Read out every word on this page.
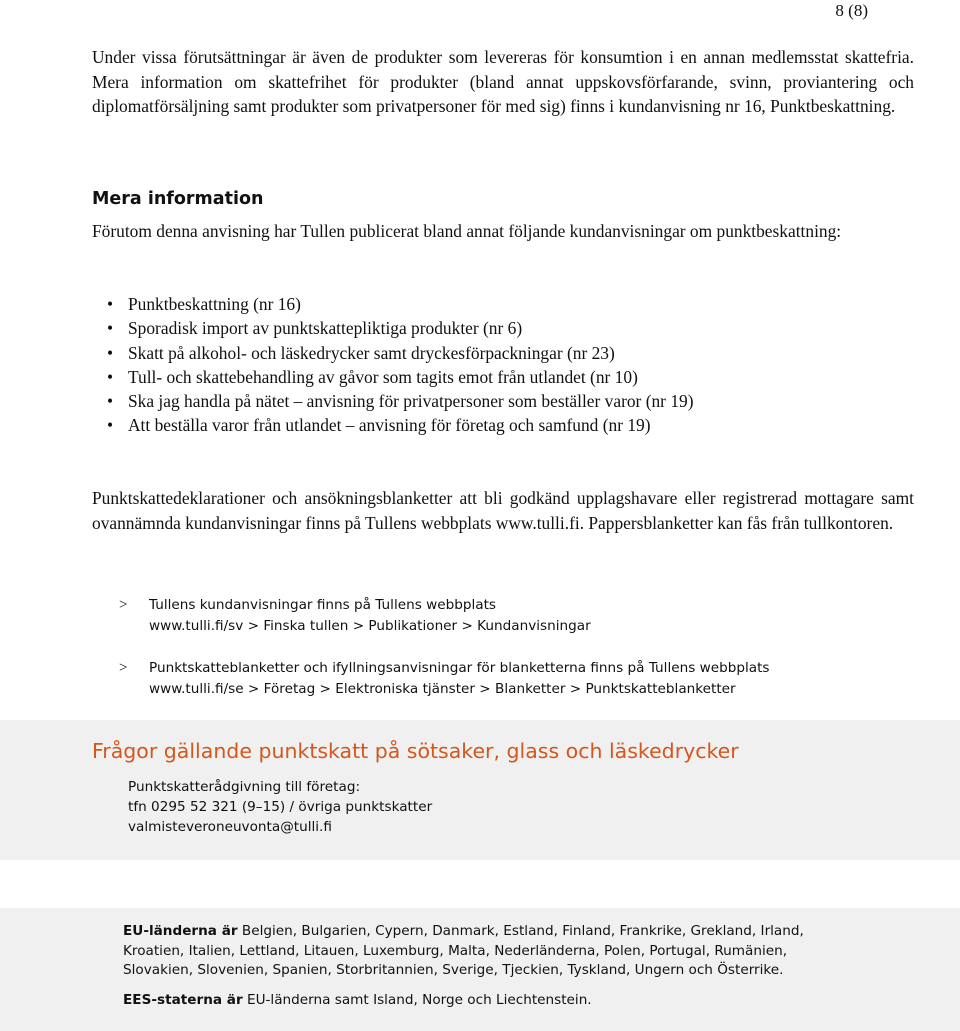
8 (8)
Under vissa förutsättningar är även de produkter som levereras för konsumtion i en annan medlemsstat skattefria. Mera information om skattefrihet för produkter (bland annat uppskovsförfarande, svinn, proviantering och diplomatförsäljning samt produkter som privatpersoner för med sig) finns i kundanvisning nr 16, Punktbeskattning.
Mera information
Förutom denna anvisning har Tullen publicerat bland annat följande kundanvisningar om punktbeskattning:
• Punktbeskattning (nr 16)
• Sporadisk import av punktskattepliktiga produkter (nr 6)
• Skatt på alkohol- och läskedrycker samt dryckesförpackningar (nr 23)
• Tull- och skattebehandling av gåvor som tagits emot från utlandet (nr 10)
• Ska jag handla på nätet – anvisning för privatpersoner som beställer varor (nr 19)
• Att beställa varor från utlandet – anvisning för företag och samfund (nr 19)
Punktskattedeklarationer och ansökningsblanketter att bli godkänd upplagshavare eller registrerad mottagare samt ovannämnda kundanvisningar finns på Tullens webbplats www.tulli.fi. Pappersblanketter kan fås från tullkontoren.
> Tullens kundanvisningar finns på Tullens webbplats
www.tulli.fi/sv > Finska tullen > Publikationer > Kundanvisningar
> Punktskatteblanketter och ifyllningsanvisningar för blanketterna finns på Tullens webbplats
www.tulli.fi/se > Företag > Elektroniska tjänster > Blanketter > Punktskatteblanketter
Frågor gällande punktskatt på sötsaker, glass och läskedrycker
Punktskatterådgivning till företag:
tfn 0295 52 321 (9–15) / övriga punktskatter
valmisteveroneuvonta@tulli.fi
EU-länderna är Belgien, Bulgarien, Cypern, Danmark, Estland, Finland, Frankrike, Grekland, Irland, Kroatien, Italien, Lettland, Litauen, Luxemburg, Malta, Nederländerna, Polen, Portugal, Rumänien, Slovakien, Slovenien, Spanien, Storbritannien, Sverige, Tjeckien, Tyskland, Ungern och Österrike.
EES-staterna är EU-länderna samt Island, Norge och Liechtenstein.
